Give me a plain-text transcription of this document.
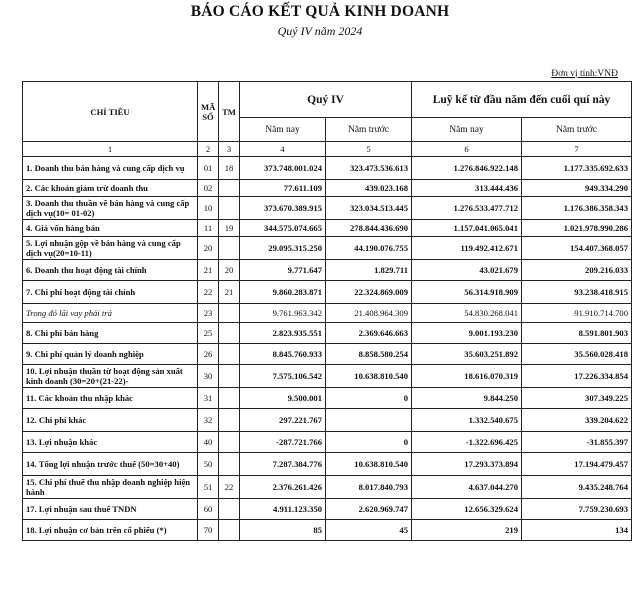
BÁO CÁO KẾT QUẢ KINH DOANH
Quý IV năm 2024
Đơn vị tính:VNĐ
CHỈ TIÊU	MÃ SỐ	TM	Quý IV		Luỹ kế từ đầu năm đến cuối quí này	
			Năm nay	Năm trước	Năm nay	Năm trước
1	2	3	4	5	6	7
1. Doanh thu bán hàng và cung cấp dịch vụ	01	18	373.748.001.024	323.473.536.613	1.276.846.922.148	1.177.335.692.633
2. Các khoản giảm trừ doanh thu	02		77.611.109	439.023.168	313.444.436	949.334.290
3. Doanh thu thuần về bán hàng và cung cấp dịch vụ(10= 01-02)	10		373.670.389.915	323.034.513.445	1.276.533.477.712	1.176.386.358.343
4. Giá vốn hàng bán	11	19	344.575.074.665	278.844.436.690	1.157.041.065.041	1.021.978.990.286
5. Lợi nhuận gộp về bán hàng và cung cấp dịch vụ(20=10-11)	20		29.095.315.250	44.190.076.755	119.492.412.671	154.407.368.057
6. Doanh thu hoạt động tài chính	21	20	9.771.647	1.829.711	43.021.679	209.216.033
7. Chi phí hoạt động tài chính	22	21	9.860.283.871	22.324.869.009	56.314.918.909	93.238.418.915
Trong đó lãi vay phải trả	23		9.761.963.342	21.408.964.309	54.830.268.041	91.910.714.700
8. Chi phí bán hàng	25		2.823.935.551	2.369.646.663	9.001.193.230	8.591.801.903
9. Chi phí quản lý doanh nghiệp	26		8.845.760.933	8.858.580.254	35.603.251.892	35.560.028.418
10. Lợi nhuận thuần từ hoạt động sản xuất kinh doanh (30=20+(21-22)-	30		7.575.106.542	10.638.810.540	18.616.070.319	17.226.334.854
11. Các khoản thu nhập khác	31		9.500.001	0	9.844.250	307.349.225
12. Chi phí khác	32		297.221.767		1.332.540.675	339.204.622
13. Lợi nhuận khác	40		-287.721.766	0	-1.322.696.425	-31.855.397
14. Tổng lợi nhuận trước thuế (50=30+40)	50		7.287.384.776	10.638.810.540	17.293.373.894	17.194.479.457
15. Chi phí thuế thu nhập doanh nghiệp hiện hành	51	22	2.376.261.426	8.017.840.793	4.637.044.270	9.435.248.764
17. Lợi nhuận sau thuế TNDN	60		4.911.123.350	2.620.969.747	12.656.329.624	7.759.230.693
18. Lợi nhuận cơ bản trên cổ phiếu (*)	70		85	45	219	134
